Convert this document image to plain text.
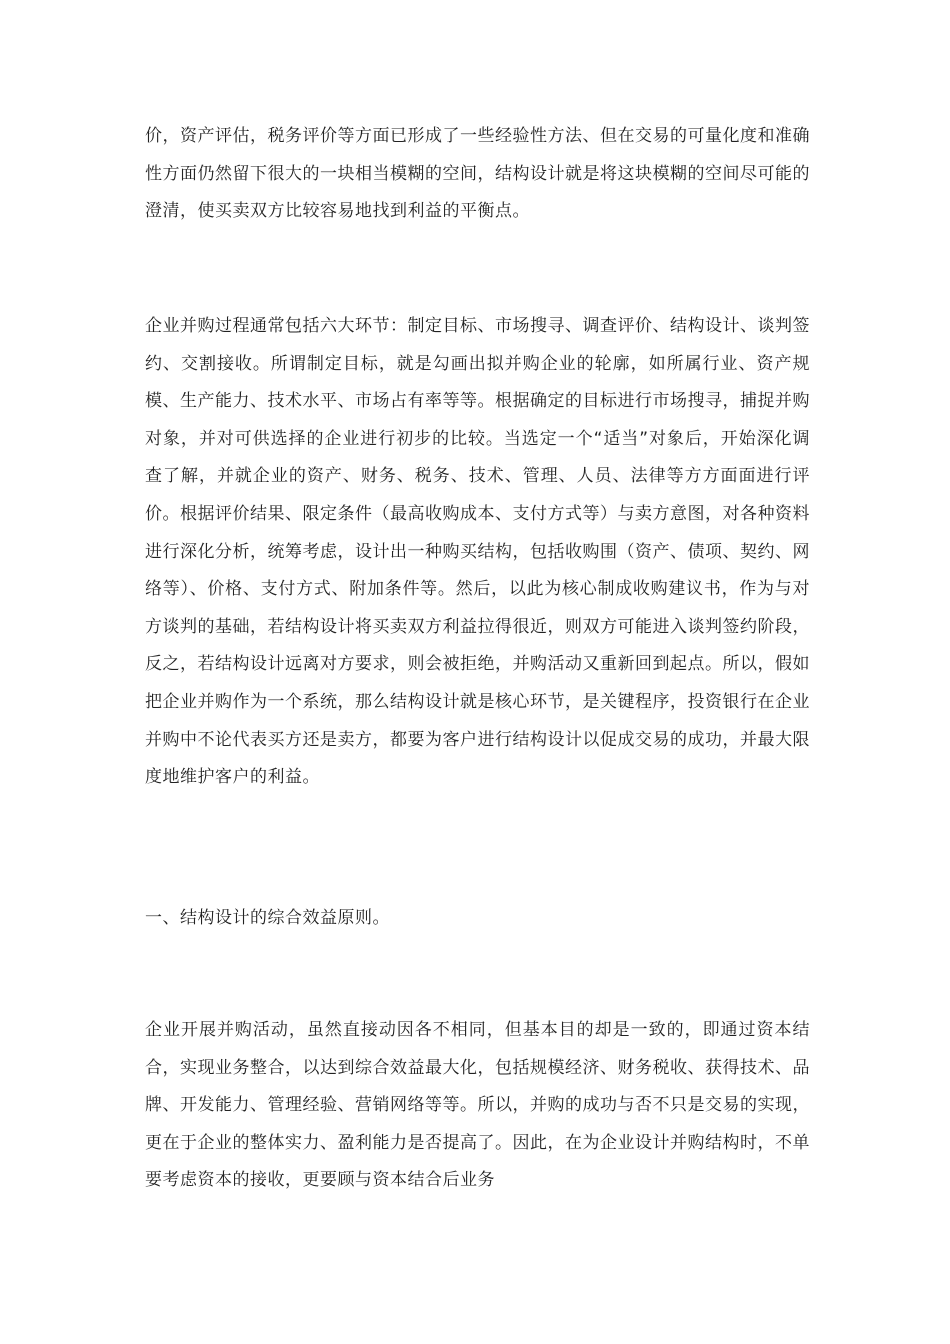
价，资产评估，税务评价等方面已形成了一些经验性方法、但在交易的可量化度和准确性方面仍然留下很大的一块相当模糊的空间，结构设计就是将这块模糊的空间尽可能的澄清，使买卖双方比较容易地找到利益的平衡点。

企业并购过程通常包括六大环节：制定目标、市场搜寻、调查评价、结构设计、谈判签约、交割接收。所谓制定目标，就是勾画出拟并购企业的轮廓，如所属行业、资产规模、生产能力、技术水平、市场占有率等等。根据确定的目标进行市场搜寻，捕捉并购对象，并对可供选择的企业进行初步的比较。当选定一个“适当”对象后，开始深化调查了解，并就企业的资产、财务、税务、技术、管理、人员、法律等方方面面进行评价。根据评价结果、限定条件（最高收购成本、支付方式等）与卖方意图，对各种资料进行深化分析，统筹考虑，设计出一种购买结构，包括收购围（资产、债项、契约、网络等）、价格、支付方式、附加条件等。然后，以此为核心制成收购建议书，作为与对方谈判的基础，若结构设计将买卖双方利益拉得很近，则双方可能进入谈判签约阶段，反之，若结构设计远离对方要求，则会被拒绝，并购活动又重新回到起点。所以，假如把企业并购作为一个系统，那么结构设计就是核心环节，是关键程序，投资银行在企业并购中不论代表买方还是卖方，都要为客户进行结构设计以促成交易的成功，并最大限度地维护客户的利益。

一、结构设计的综合效益原则。

企业开展并购活动，虽然直接动因各不相同，但基本目的却是一致的，即通过资本结合，实现业务整合，以达到综合效益最大化，包括规模经济、财务税收、获得技术、品牌、开发能力、管理经验、营销网络等等。所以，并购的成功与否不只是交易的实现，更在于企业的整体实力、盈利能力是否提高了。因此，在为企业设计并购结构时，不单要考虑资本的接收，更要顾与资本结合后业务
